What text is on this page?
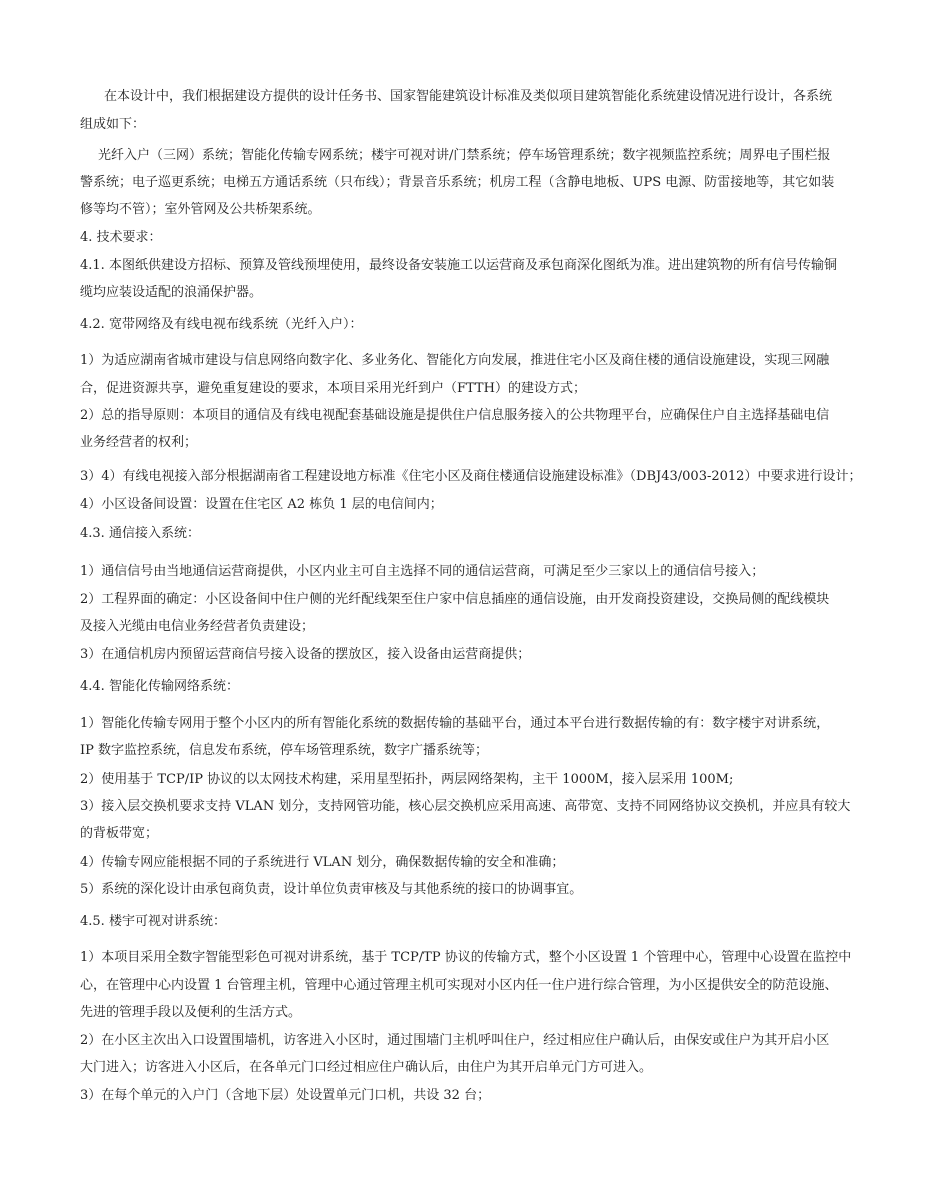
在本设计中，我们根据建设方提供的设计任务书、国家智能建筑设计标准及类似项目建筑智能化系统建设情况进行设计，各系统

组成如下：

光纤入户（三网）系统；智能化传输专网系统；楼宇可视对讲/门禁系统；停车场管理系统；数字视频监控系统；周界电子围栏报

警系统；电子巡更系统；电梯五方通话系统（只布线）；背景音乐系统；机房工程（含静电地板、UPS 电源、防雷接地等，其它如装

修等均不管）；室外管网及公共桥架系统。

4. 技术要求：

4.1. 本图纸供建设方招标、预算及管线预埋使用，最终设备安装施工以运营商及承包商深化图纸为准。进出建筑物的所有信号传输铜

缆均应装设适配的浪涌保护器。

4.2. 宽带网络及有线电视布线系统（光纤入户）：

1）为适应湖南省城市建设与信息网络向数字化、多业务化、智能化方向发展，推进住宅小区及商住楼的通信设施建设，实现三网融

合，促进资源共享，避免重复建设的要求，本项目采用光纤到户（FTTH）的建设方式；

2）总的指导原则：本项目的通信及有线电视配套基础设施是提供住户信息服务接入的公共物理平台，应确保住户自主选择基础电信

业务经营者的权利；

3）4）有线电视接入部分根据湖南省工程建设地方标准《住宅小区及商住楼通信设施建设标准》（DBJ43/003-2012）中要求进行设计；

4）小区设备间设置：设置在住宅区 A2 栋负 1 层的电信间内；

4.3. 通信接入系统：

1）通信信号由当地通信运营商提供，小区内业主可自主选择不同的通信运营商，可满足至少三家以上的通信信号接入；

2）工程界面的确定：小区设备间中住户侧的光纤配线架至住户家中信息插座的通信设施，由开发商投资建设，交换局侧的配线模块

及接入光缆由电信业务经营者负责建设；

3）在通信机房内预留运营商信号接入设备的摆放区，接入设备由运营商提供；

4.4. 智能化传输网络系统：

1）智能化传输专网用于整个小区内的所有智能化系统的数据传输的基础平台，通过本平台进行数据传输的有：数字楼宇对讲系统，

IP 数字监控系统，信息发布系统，停车场管理系统，数字广播系统等；

2）使用基于 TCP/IP 协议的以太网技术构建，采用星型拓扑，两层网络架构，主干 1000M，接入层采用 100M;

3）接入层交换机要求支持 VLAN 划分，支持网管功能，核心层交换机应采用高速、高带宽、支持不同网络协议交换机，并应具有较大

的背板带宽；

4）传输专网应能根据不同的子系统进行 VLAN 划分，确保数据传输的安全和准确；

5）系统的深化设计由承包商负责，设计单位负责审核及与其他系统的接口的协调事宜。

4.5. 楼宇可视对讲系统：

1）本项目采用全数字智能型彩色可视对讲系统，基于 TCP/TP 协议的传输方式，整个小区设置 1 个管理中心，管理中心设置在监控中

心，在管理中心内设置 1 台管理主机，管理中心通过管理主机可实现对小区内任一住户进行综合管理，为小区提供安全的防范设施、

先进的管理手段以及便利的生活方式。

2）在小区主次出入口设置围墙机，访客进入小区时，通过围墙门主机呼叫住户，经过相应住户确认后，由保安或住户为其开启小区

大门进入；访客进入小区后，在各单元门口经过相应住户确认后，由住户为其开启单元门方可进入。

3）在每个单元的入户门（含地下层）处设置单元门口机，共设 32 台；
